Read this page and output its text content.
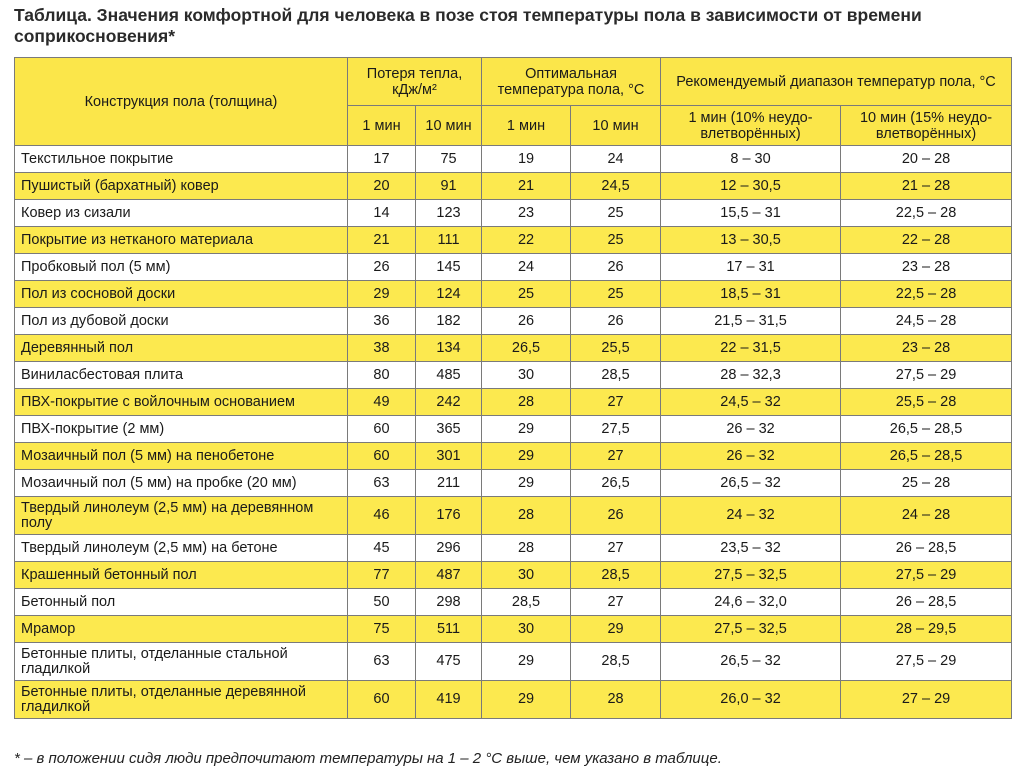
Таблица. Значения комфортной для человека в позе стоя температуры пола в зависимости от времени соприкосновения*
Конструкция пола (толщина)	Потеря тепла, кДж/м²		Оптимальная температура пола, °С		Рекомендуемый диапазон температур пола, °С	
	1 мин	10 мин	1 мин	10 мин	1 мин (10% неудо-влетворённых)	10 мин (15% неудо-влетворённых)
Текстильное покрытие	17	75	19	24	8 – 30	20 – 28
Пушистый (бархатный) ковер	20	91	21	24,5	12 – 30,5	21 – 28
Ковер из сизали	14	123	23	25	15,5 – 31	22,5 – 28
Покрытие из нетканого материала	21	111	22	25	13 – 30,5	22 – 28
Пробковый пол (5 мм)	26	145	24	26	17 – 31	23 – 28
Пол из сосновой доски	29	124	25	25	18,5 – 31	22,5 – 28
Пол из дубовой доски	36	182	26	26	21,5 – 31,5	24,5 – 28
Деревянный пол	38	134	26,5	25,5	22 – 31,5	23 – 28
Виниласбестовая плита	80	485	30	28,5	28 – 32,3	27,5 – 29
ПВХ-покрытие с войлочным основанием	49	242	28	27	24,5 – 32	25,5 – 28
ПВХ-покрытие (2 мм)	60	365	29	27,5	26 – 32	26,5 – 28,5
Мозаичный пол (5 мм) на пенобетоне	60	301	29	27	26 – 32	26,5 – 28,5
Мозаичный пол (5 мм) на пробке (20 мм)	63	211	29	26,5	26,5 – 32	25 – 28
Твердый линолеум (2,5 мм) на деревянном полу	46	176	28	26	24 – 32	24 – 28
Твердый линолеум (2,5 мм) на бетоне	45	296	28	27	23,5 – 32	26 – 28,5
Крашенный бетонный пол	77	487	30	28,5	27,5 – 32,5	27,5 – 29
Бетонный пол	50	298	28,5	27	24,6 – 32,0	26 – 28,5
Мрамор	75	511	30	29	27,5 – 32,5	28 – 29,5
Бетонные плиты, отделанные стальной гладилкой	63	475	29	28,5	26,5 – 32	27,5 – 29
Бетонные плиты, отделанные деревянной гладилкой	60	419	29	28	26,0 – 32	27 – 29
* – в положении сидя люди предпочитают температуры на 1 – 2 °С выше, чем указано в таблице.
